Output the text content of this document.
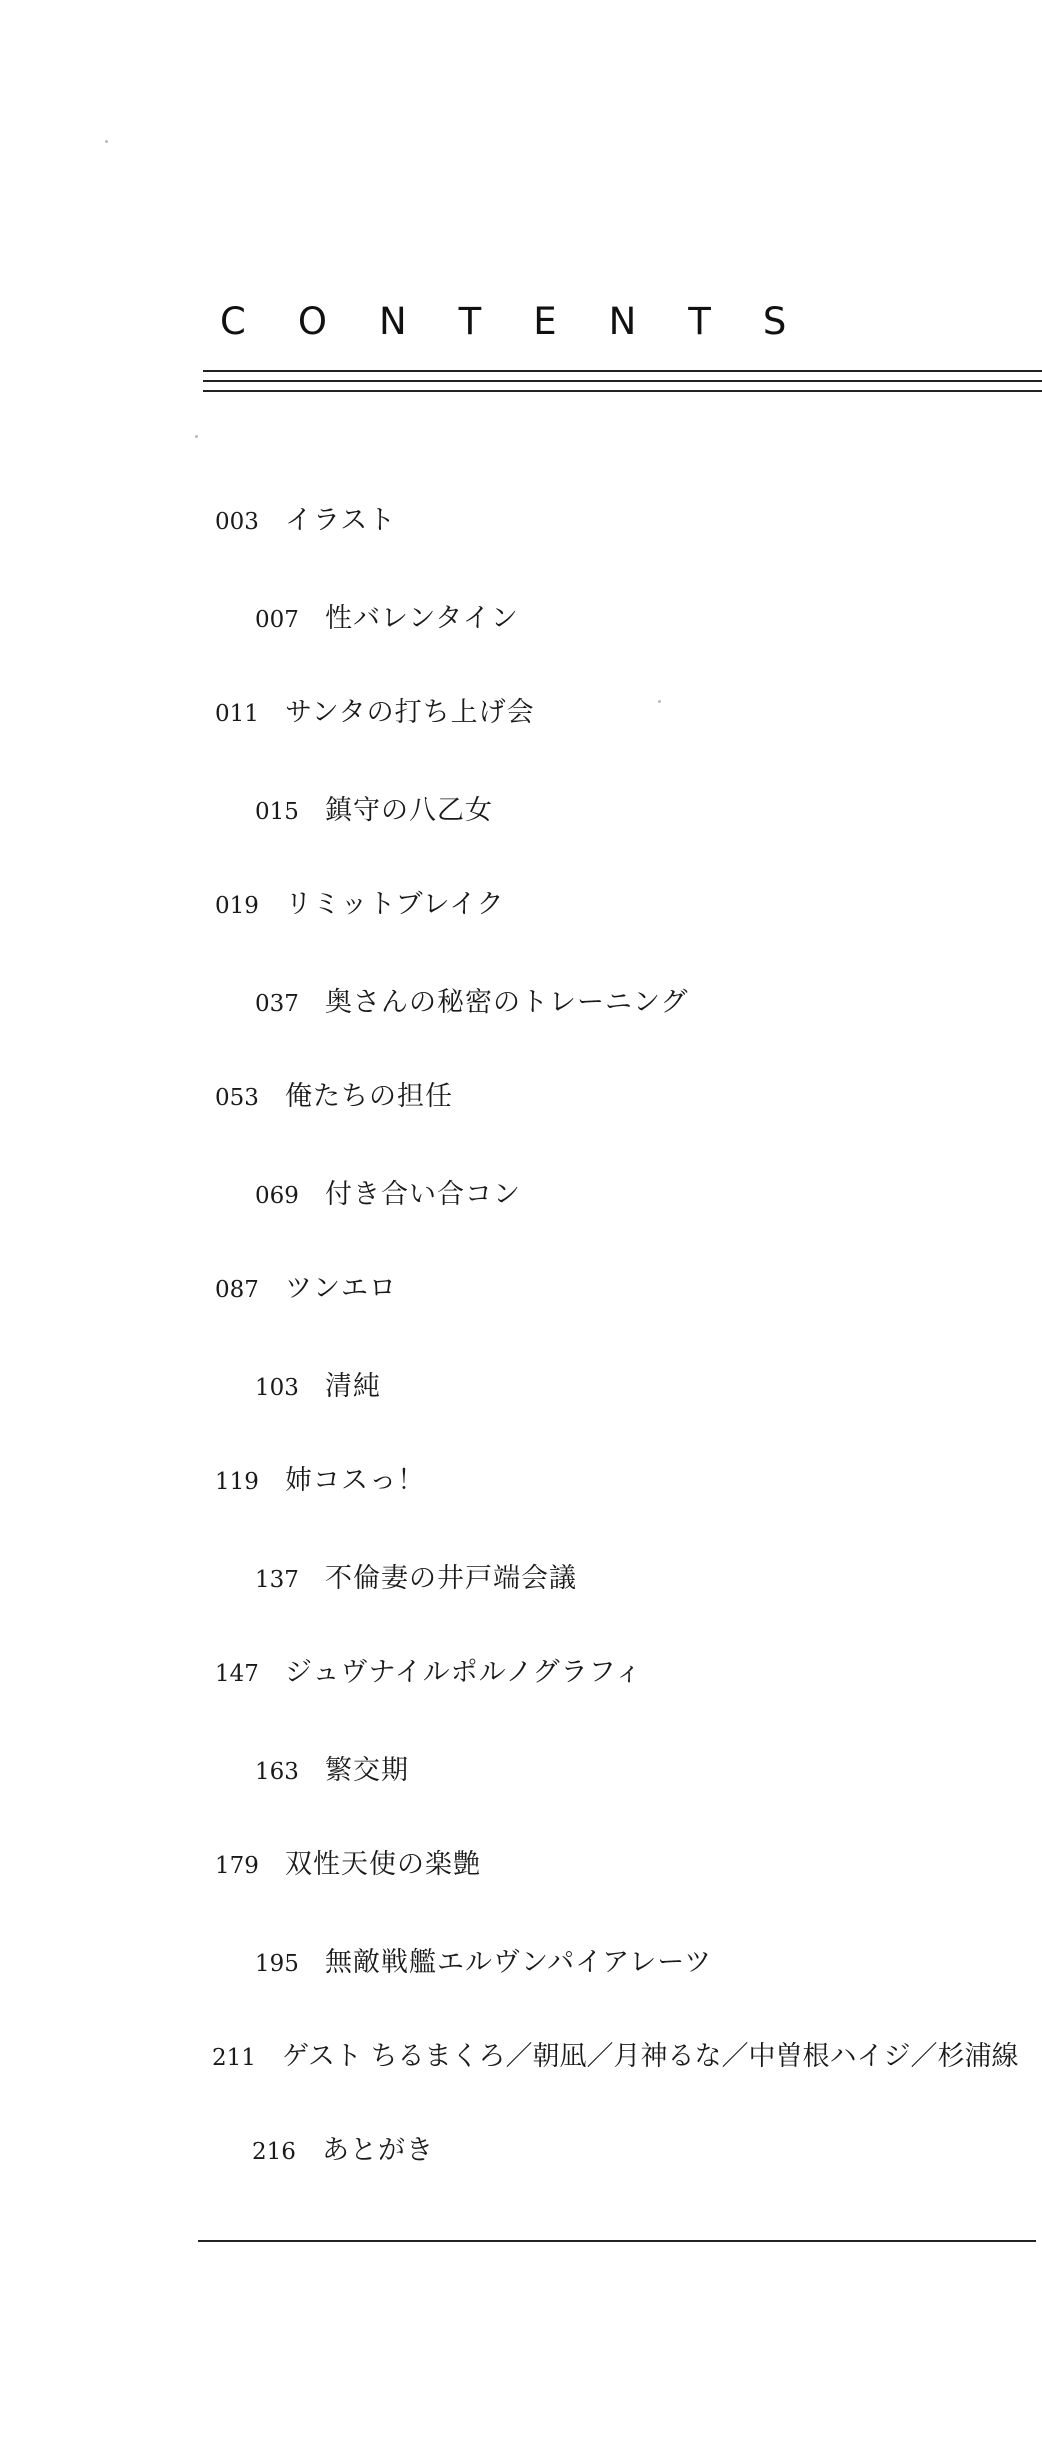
CONTENTS
003 イラスト
007 性バレンタイン
011 サンタの打ち上げ会
015 鎮守の八乙女
019 リミットブレイク
037 奥さんの秘密のトレーニング
053 俺たちの担任
069 付き合い合コン
087 ツンエロ
103 清純
119 姉コスっ！
137 不倫妻の井戸端会議
147 ジュヴナイルポルノグラフィ
163 繁交期
179 双性天使の楽艶
195 無敵戦艦エルヴンパイアレーツ
211 ゲスト ちるまくろ／朝凪／月神るな／中曽根ハイジ／杉浦線
216 あとがき
